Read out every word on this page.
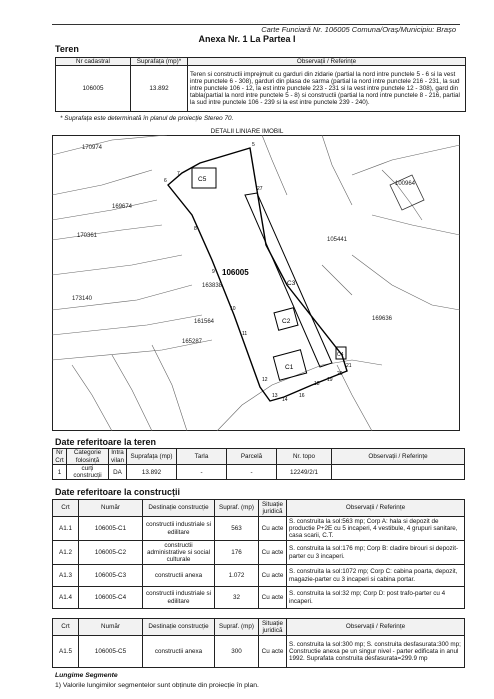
Carte Funciară Nr. 106005 Comuna/Oraș/Municipiu: Brașo
Anexa Nr. 1 La Partea I
Teren
Nr cadastral	Suprafața (mp)*	Observații / Referințe
106005	13.892	Teren si constructii imprejmuit cu garduri din zidarie (partial la nord intre punctele 5 - 6 si la vest intre punctele 6 - 308), garduri din plasa de sarma (partial la nord intre punctele 216 - 231, la sud intre punctele 106 - 12, la est intre punctele 223 - 231 si la vest intre punctele 12 - 308), gard din tabla(partial la nord intre punctele 5 - 8) si constructii (partial la nord intre punctele 8 - 216, partial la sud intre punctele 106 - 239 si la est intre punctele 239 - 240).
* Suprafața este determinată în planul de proiecție Stereo 70.
DETALII LINIARE IMOBIL
170974
169674
170361
173140
161564
165287
163838
105441
100964
169636
106005
C5
C3
C2
C1
C4
5
6
7
8
27
9
10
11
12
13
14
16
18
19
20
21
Date referitoare la teren
Nr Crt	Categorie folosință	Intra vilan	Suprafața (mp)	Tarla	Parcelă	Nr. topo	Observații / Referințe
1	curți construcții	DA	13.892	-	-	12249/2/1	
Date referitoare la construcții
Crt	Număr	Destinație construcție	Supraf. (mp)	Situație juridică	Observații / Referințe
A1.1	106005-C1	constructii industriale si edilitare	563	Cu acte	S. construita la sol:563 mp; Corp A: hala si depozit de productie P+2E cu 5 incaperi, 4 vestibule, 4 grupuri sanitare, casa scarii, C.T.
A1.2	106005-C2	constructii administrative si social culturale	176	Cu acte	S. construita la sol:176 mp; Corp B: cladire birouri si depozit-parter cu 3 incaperi.
A1.3	106005-C3	constructii anexa	1.072	Cu acte	S. construita la sol:1072 mp; Corp C: cabina poarta, depozit, magazie-parter cu 3 incaperi si cabina portar.
A1.4	106005-C4	constructii industriale si edilitare	32	Cu acte	S. construita la sol:32 mp; Corp D: post trafo-parter cu 4 incaperi.
Crt	Număr	Destinație construcție	Supraf. (mp)	Situație juridică	Observații / Referințe
A1.5	106005-C5	constructii anexa	300	Cu acte	S. construita la sol:300 mp; S. construita desfasurata:300 mp; Constructie anexa pe un singur nivel - parter edificata in anul 1992. Suprafata construita desfasurata=299.9 mp
Lungime Segmente
1) Valorile lungimilor segmentelor sunt obținute din proiecție în plan.
